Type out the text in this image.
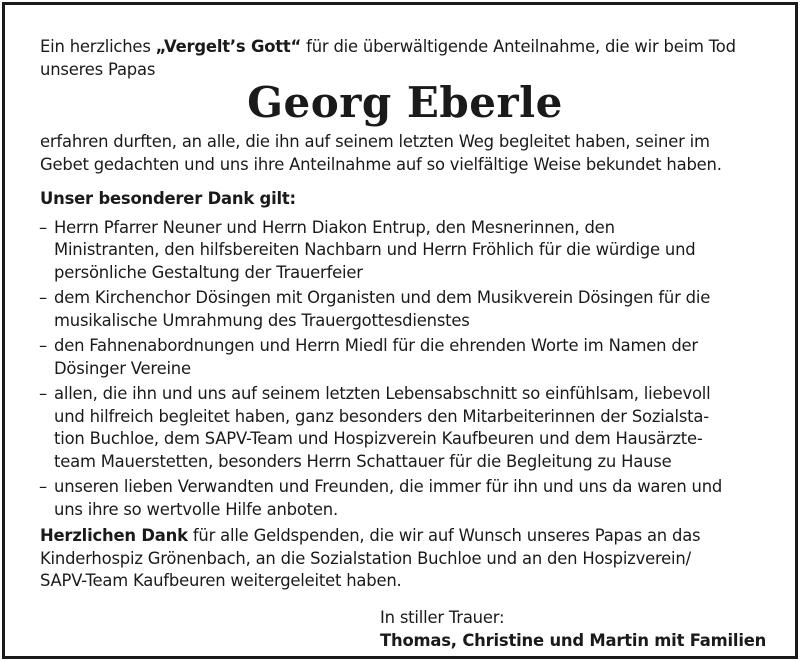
Ein herzliches „Vergelt’s Gott“ für die überwältigende Anteilnahme, die wir beim Tod
unseres Papas
Georg Eberle
erfahren durften, an alle, die ihn auf seinem letzten Weg begleitet haben, seiner im
Gebet gedachten und uns ihre Anteilnahme auf so vielfältige Weise bekundet haben.
Unser besonderer Dank gilt:
– Herrn Pfarrer Neuner und Herrn Diakon Entrup, den Mesnerinnen, den
Ministranten, den hilfsbereiten Nachbarn und Herrn Fröhlich für die würdige und
persönliche Gestaltung der Trauerfeier
– dem Kirchenchor Dösingen mit Organisten und dem Musikverein Dösingen für die
musikalische Umrahmung des Trauergottesdienstes
– den Fahnenabordnungen und Herrn Miedl für die ehrenden Worte im Namen der
Dösinger Vereine
– allen, die ihn und uns auf seinem letzten Lebensabschnitt so einfühlsam, liebevoll
und hilfreich begleitet haben, ganz besonders den Mitarbeiterinnen der Sozialsta-
tion Buchloe, dem SAPV-Team und Hospizverein Kaufbeuren und dem Hausärzte-
team Mauerstetten, besonders Herrn Schattauer für die Begleitung zu Hause
– unseren lieben Verwandten und Freunden, die immer für ihn und uns da waren und
uns ihre so wertvolle Hilfe anboten.
Herzlichen Dank für alle Geldspenden, die wir auf Wunsch unseres Papas an das
Kinderhospiz Grönenbach, an die Sozialstation Buchloe und an den Hospizverein/
SAPV-Team Kaufbeuren weitergeleitet haben.
In stiller Trauer:
Thomas, Christine und Martin mit Familien
